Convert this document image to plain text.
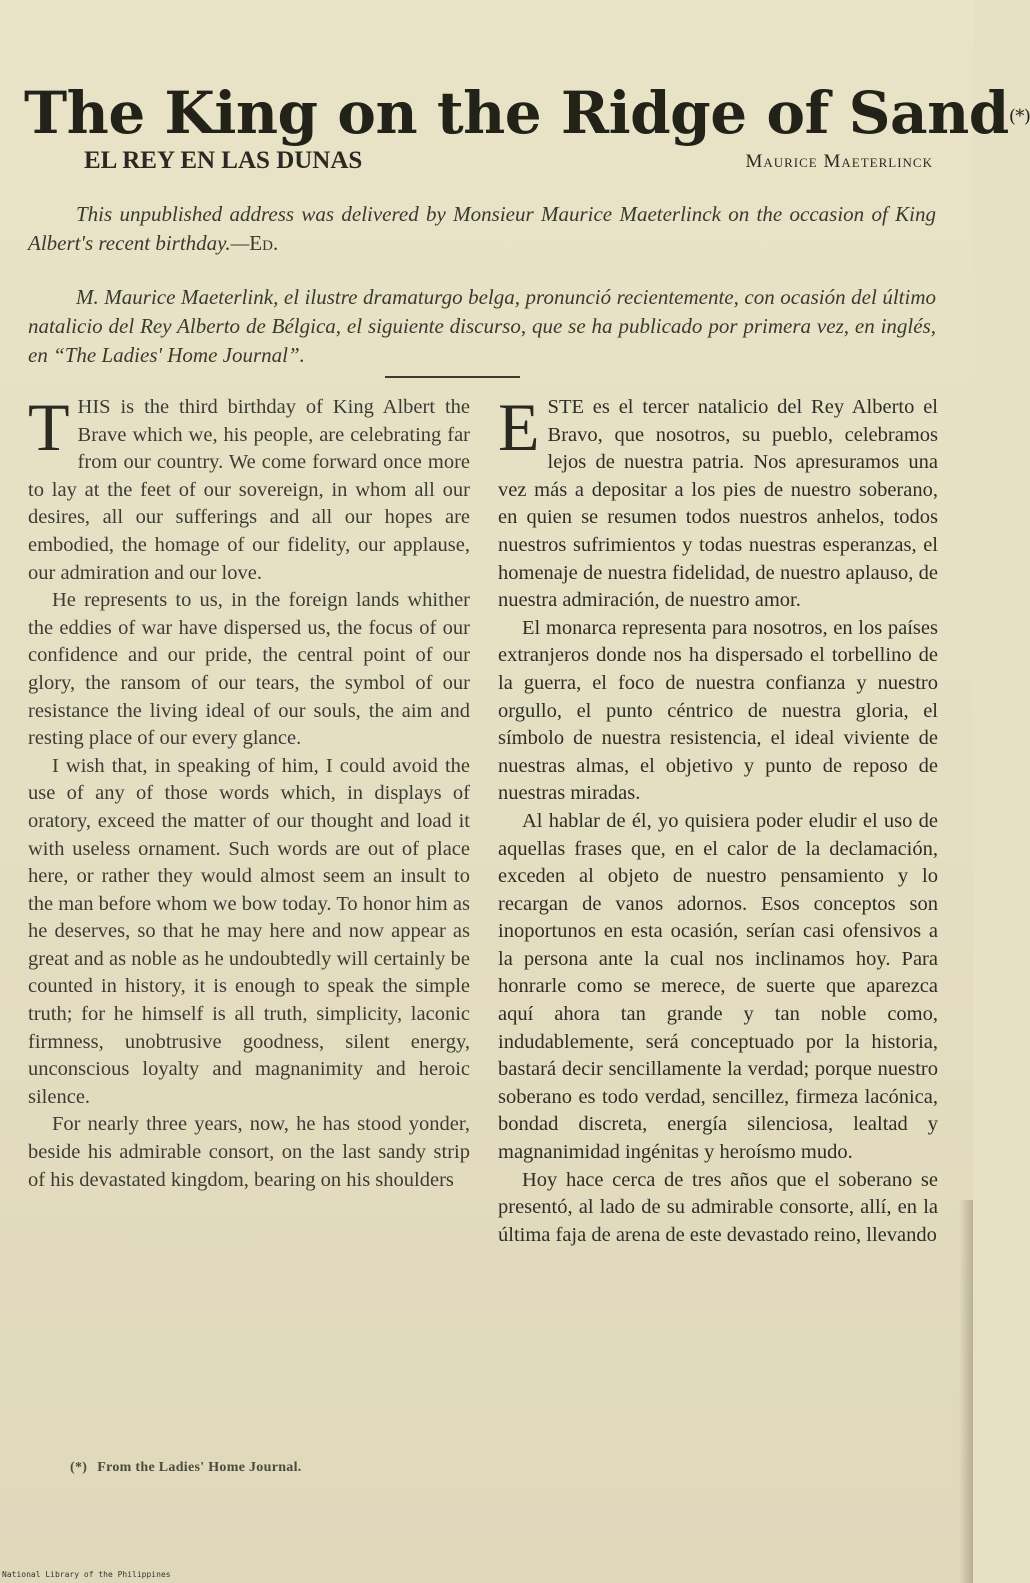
The King on the Ridge of Sand(*)
EL REY EN LAS DUNAS	Maurice Maeterlinck
This unpublished address was delivered by Monsieur Maurice Maeterlinck on the occasion of King Albert's recent birthday.—Ed.
M. Maurice Maeterlink, el ilustre dramaturgo belga, pronunció recientemente, con ocasión del último natalicio del Rey Alberto de Bélgica, el siguiente discurso, que se ha publicado por primera vez, en inglés, en “The Ladies' Home Journal”.

THIS is the third birthday of King Albert the Brave which we, his people, are celebrating far from our country. We come forward once more to lay at the feet of our sovereign, in whom all our desires, all our sufferings and all our hopes are embodied, the homage of our fidelity, our applause, our admiration and our love.

He represents to us, in the foreign lands whither the eddies of war have dispersed us, the focus of our confidence and our pride, the central point of our glory, the ransom of our tears, the symbol of our resistance the living ideal of our souls, the aim and resting place of our every glance.

I wish that, in speaking of him, I could avoid the use of any of those words which, in displays of oratory, exceed the matter of our thought and load it with useless ornament. Such words are out of place here, or rather they would almost seem an insult to the man before whom we bow today. To honor him as he deserves, so that he may here and now appear as great and as noble as he undoubtedly will certainly be counted in history, it is enough to speak the simple truth; for he himself is all truth, simplicity, laconic firmness, unobtrusive goodness, silent energy, unconscious loyalty and magnanimity and heroic silence.

For nearly three years, now, he has stood yonder, beside his admirable consort, on the last sandy strip of his devastated kingdom, bearing on his shoulders

ESTE es el tercer natalicio del Rey Alberto el Bravo, que nosotros, su pueblo, celebramos lejos de nuestra patria. Nos apresuramos una vez más a depositar a los pies de nuestro soberano, en quien se resumen todos nuestros anhelos, todos nuestros sufrimientos y todas nuestras esperanzas, el homenaje de nuestra fidelidad, de nuestro aplauso, de nuestra admiración, de nuestro amor.

El monarca representa para nosotros, en los países extranjeros donde nos ha dispersado el torbellino de la guerra, el foco de nuestra confianza y nuestro orgullo, el punto céntrico de nuestra gloria, el símbolo de nuestra resistencia, el ideal viviente de nuestras almas, el objetivo y punto de reposo de nuestras miradas.

Al hablar de él, yo quisiera poder eludir el uso de aquellas frases que, en el calor de la declamación, exceden al objeto de nuestro pensamiento y lo recargan de vanos adornos. Esos conceptos son inoportunos en esta ocasión, serían casi ofensivos a la persona ante la cual nos inclinamos hoy. Para honrarle como se merece, de suerte que aparezca aquí ahora tan grande y tan noble como, indudablemente, será conceptuado por la historia, bastará decir sencillamente la verdad; porque nuestro soberano es todo verdad, sencillez, firmeza lacónica, bondad discreta, energía silenciosa, lealtad y magnanimidad ingénitas y heroísmo mudo.

Hoy hace cerca de tres años que el soberano se presentó, al lado de su admirable consorte, allí, en la última faja de arena de este devastado reino, llevando

(*) From the Ladies' Home Journal.
National Library of the Philippines
